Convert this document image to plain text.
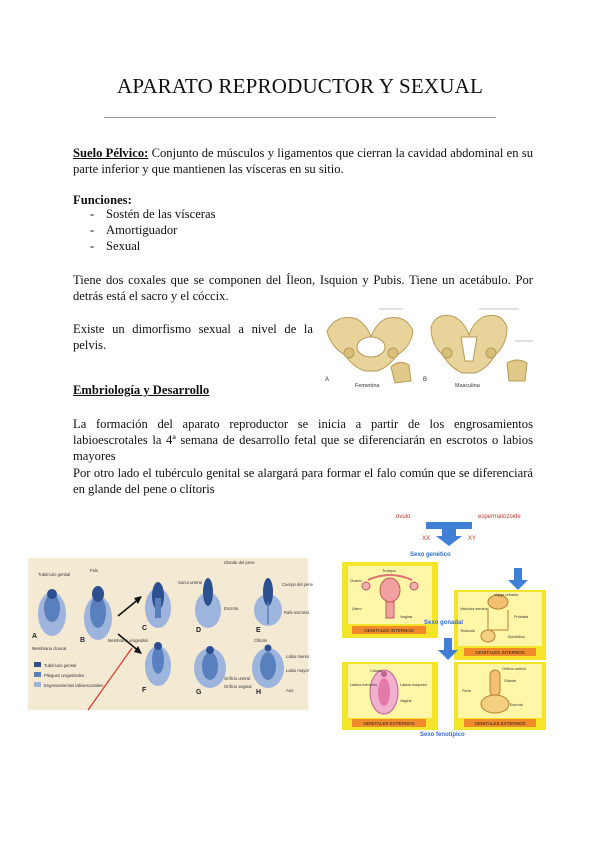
APARATO REPRODUCTOR Y SEXUAL

Suelo Pélvico: Conjunto de músculos y ligamentos que cierran la cavidad abdominal en su parte inferior y que mantienen las vísceras en su sitio.

Funciones:

- Sostén de las vísceras
- Amortiguador
- Sexual

Tiene dos coxales que se componen del Íleon, Isquion y Pubis. Tiene un acetábulo. Por detrás está el sacro y el cóccix.

Existe un dimorfismo sexual a nivel de la pelvis.

A	B
Femenina	Masculina

Embriología y Desarrollo

La formación del aparato reproductor se inicia a partir de los engrosamientos labioescrotales la 4ª semana de desarrollo fetal que se diferenciarán en escrotos o labios mayores

Por otro lado el tubérculo genital se alargará para formar el falo común que se diferenciará en glande del pene o clítoris

Tubérculo genital
Falo
Membrana cloacal
Membrana urogenital
Glande del pene
Surco uretral
Escroto
Cuerpo del pene
Rafe escrotal
Clítoris
Labio menor
Labio mayor
Orificio uretral
Orificio vaginal
Ano
A
B
C	D	E
F	G	H
Tubérculo genital
Pliegues urogenitales
Engrosamientos labioescrotales
óvulo	espermatozoide
XX	XY
Sexo genético
Trompa
Ovario
Útero
Vagina
GENITALES INTERNOS
Vejiga urinaria
Vesícula seminal
Próstata
Testículo
Epidídimo
GENITALES INTERNOS
Sexo gonadal
Clítoris
Labios menores	Labios mayores
Vagina
GENITALES EXTERNOS
Orificio uretral
Glande
Escroto
Pene
GENITALES EXTERNOS
Sexo fenotípico
